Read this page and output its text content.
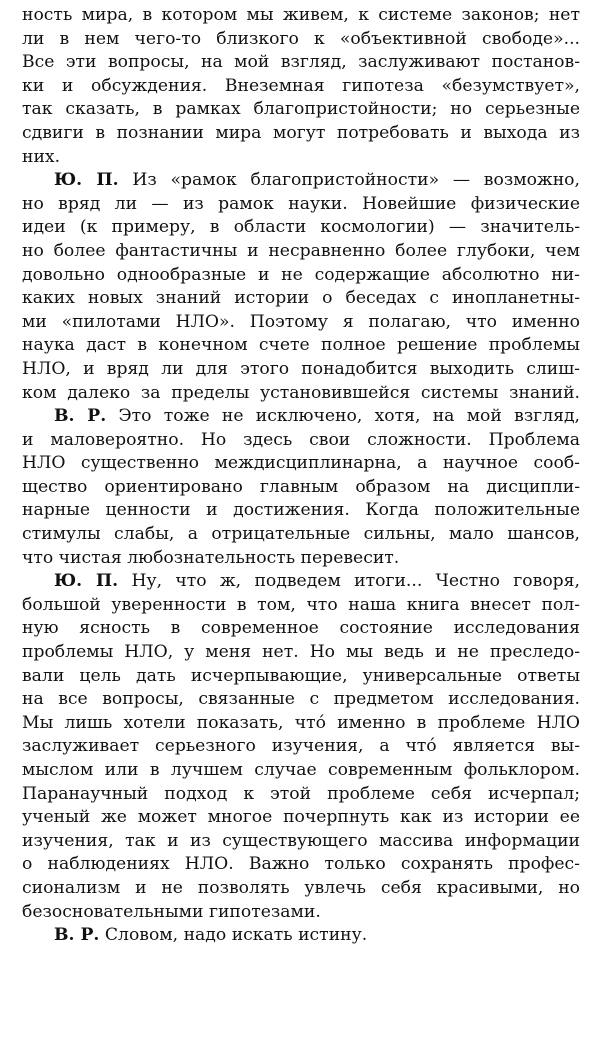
ность мира, в котором мы живем, к системе законов; нет
ли в нем чего-то близкого к «объективной свободе»...
Все эти вопросы, на мой взгляд, заслуживают постанов-
ки и обсуждения. Внеземная гипотеза «безумствует»,
так сказать, в рамках благопристойности; но серьезные
сдвиги в познании мира могут потребовать и выхода из
них.
Ю. П. Из «рамок благопристойности» — возможно,
но вряд ли — из рамок науки. Новейшие физические
идеи (к примеру, в области космологии) — значитель-
но более фантастичны и несравненно более глубоки, чем
довольно однообразные и не содержащие абсолютно ни-
каких новых знаний истории о беседах с инопланетны-
ми «пилотами НЛО». Поэтому я полагаю, что именно
наука даст в конечном счете полное решение проблемы
НЛО, и вряд ли для этого понадобится выходить слиш-
ком далеко за пределы установившейся системы знаний.
В. Р. Это тоже не исключено, хотя, на мой взгляд,
и маловероятно. Но здесь свои сложности. Проблема
НЛО существенно междисциплинарна, а научное сооб-
щество ориентировано главным образом на дисципли-
нарные ценности и достижения. Когда положительные
стимулы слабы, а отрицательные сильны, мало шансов,
что чистая любознательность перевесит.
Ю. П. Ну, что ж, подведем итоги... Честно говоря,
большой уверенности в том, что наша книга внесет пол-
ную ясность в современное состояние исследования
проблемы НЛО, у меня нет. Но мы ведь и не преследо-
вали цель дать исчерпывающие, универсальные ответы
на все вопросы, связанные с предметом исследования.
Мы лишь хотели показать, что́ именно в проблеме НЛО
заслуживает серьезного изучения, а что́ является вы-
мыслом или в лучшем случае современным фольклором.
Паранаучный подход к этой проблеме себя исчерпал;
ученый же может многое почерпнуть как из истории ее
изучения, так и из существующего массива информации
о наблюдениях НЛО. Важно только сохранять профес-
сионализм и не позволять увлечь себя красивыми, но
безосновательными гипотезами.
В. Р. Словом, надо искать истину.
